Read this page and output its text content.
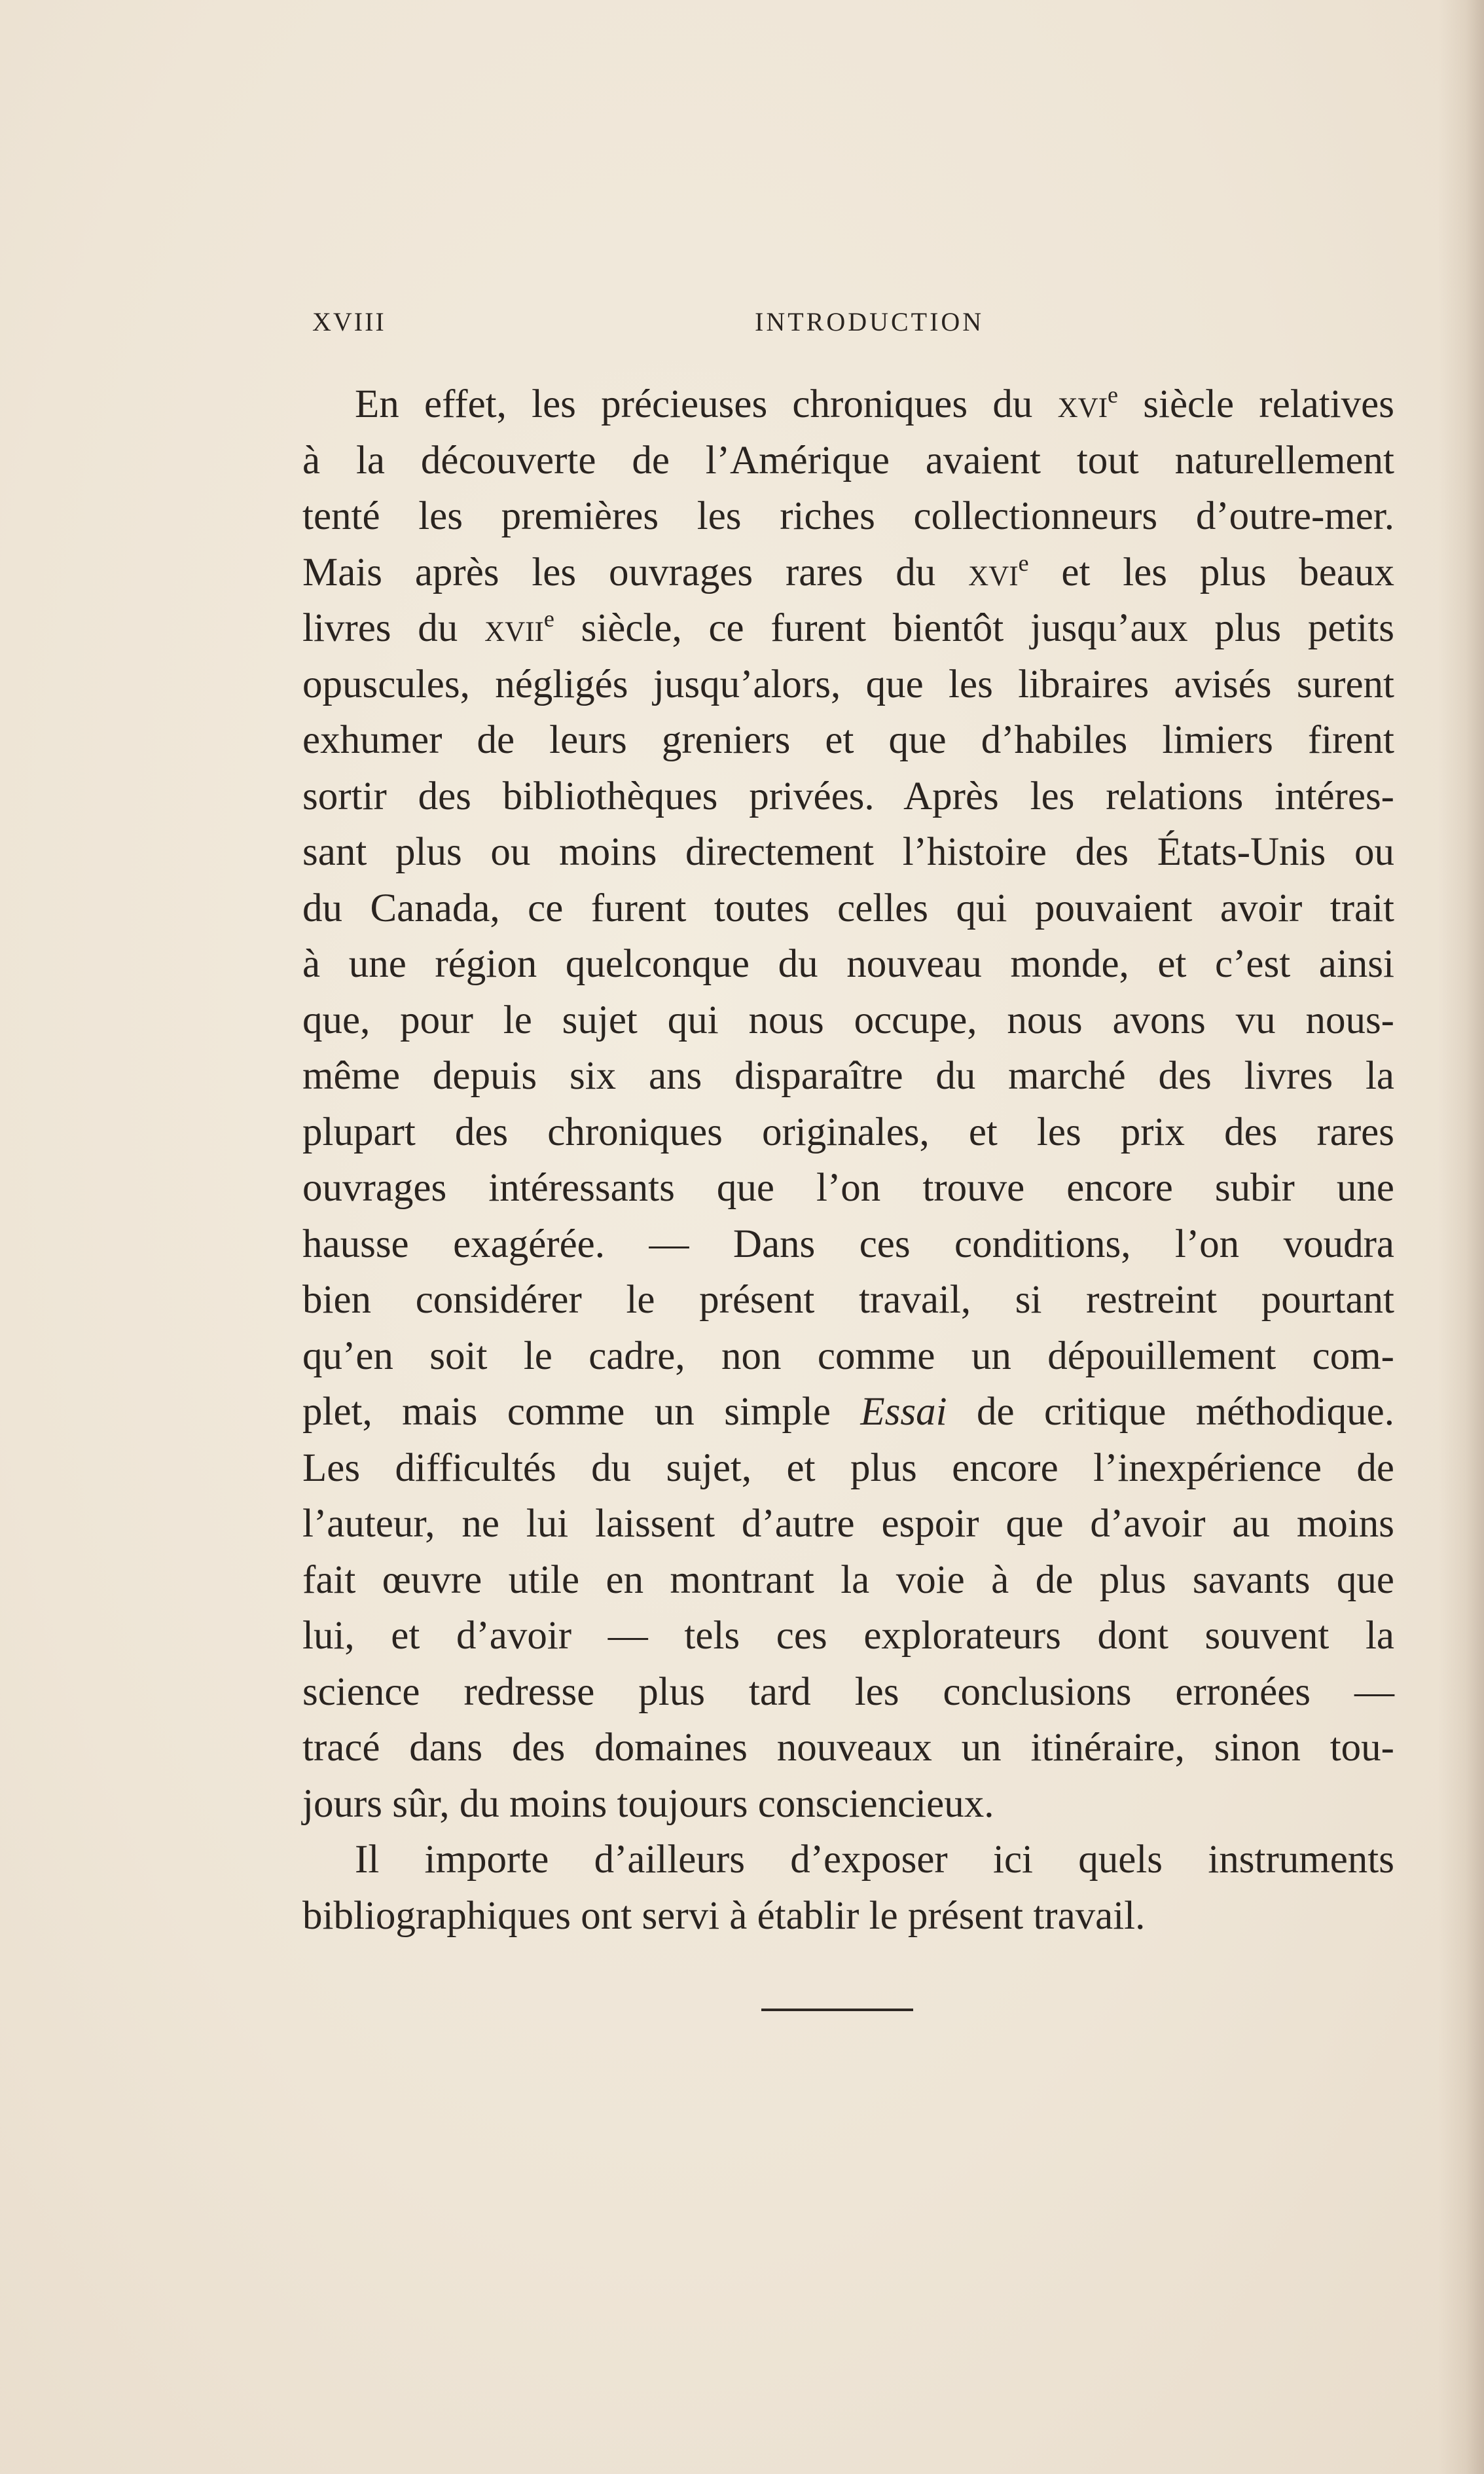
XVIII	INTRODUCTION
En effet, les précieuses chroniques du xvi$^e$ siècle relatives
à la découverte de l’Amérique avaient tout naturellement
tenté les premières les riches collectionneurs d’outre-mer.
Mais après les ouvrages rares du xvi$^e$ et les plus beaux
livres du xvii$^e$ siècle, ce furent bientôt jusqu’aux plus petits
opuscules, négligés jusqu’alors, que les libraires avisés surent
exhumer de leurs greniers et que d’habiles limiers firent
sortir des bibliothèques privées. Après les relations intéres-
sant plus ou moins directement l’histoire des États-Unis ou
du Canada, ce furent toutes celles qui pouvaient avoir trait
à une région quelconque du nouveau monde, et c’est ainsi
que, pour le sujet qui nous occupe, nous avons vu nous-
même depuis six ans disparaître du marché des livres la
plupart des chroniques originales, et les prix des rares
ouvrages intéressants que l’on trouve encore subir une
hausse exagérée. — Dans ces conditions, l’on voudra
bien considérer le présent travail, si restreint pourtant
qu’en soit le cadre, non comme un dépouillement com-
plet, mais comme un simple Essai de critique méthodique.
Les difficultés du sujet, et plus encore l’inexpérience de
l’auteur, ne lui laissent d’autre espoir que d’avoir au moins
fait œuvre utile en montrant la voie à de plus savants que
lui, et d’avoir — tels ces explorateurs dont souvent la
science redresse plus tard les conclusions erronées —
tracé dans des domaines nouveaux un itinéraire, sinon tou-
jours sûr, du moins toujours consciencieux.
Il importe d’ailleurs d’exposer ici quels instruments
bibliographiques ont servi à établir le présent travail.
